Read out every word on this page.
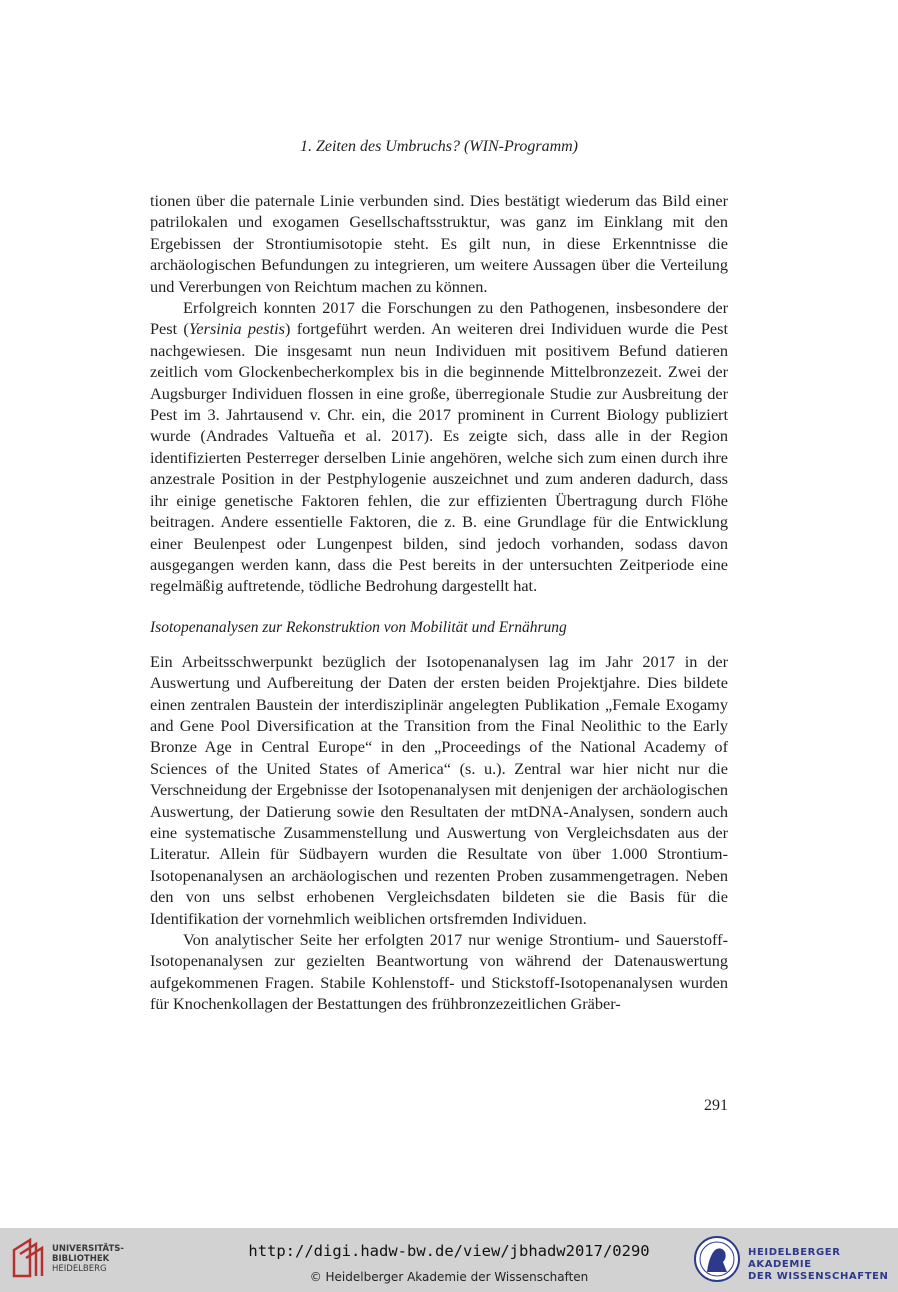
1. Zeiten des Umbruchs? (WIN-Programm)

tionen über die paternale Linie verbunden sind. Dies bestätigt wiederum das Bild einer patrilokalen und exogamen Gesellschaftsstruktur, was ganz im Einklang mit den Ergebissen der Strontiumisotopie steht. Es gilt nun, in diese Erkenntnisse die archäologischen Befundungen zu integrieren, um weitere Aussagen über die Verteilung und Vererbungen von Reichtum machen zu können.

Erfolgreich konnten 2017 die Forschungen zu den Pathogenen, insbesondere der Pest (Yersinia pestis) fortgeführt werden. An weiteren drei Individuen wurde die Pest nachgewiesen. Die insgesamt nun neun Individuen mit positivem Befund datieren zeitlich vom Glockenbecherkomplex bis in die beginnende Mittelbronzezeit. Zwei der Augsburger Individuen flossen in eine große, überregionale Studie zur Ausbreitung der Pest im 3. Jahrtausend v. Chr. ein, die 2017 prominent in Current Biology publiziert wurde (Andrades Valtueña et al. 2017). Es zeigte sich, dass alle in der Region identifizierten Pesterreger derselben Linie angehören, welche sich zum einen durch ihre anzestrale Position in der Pestphylogenie auszeichnet und zum anderen dadurch, dass ihr einige genetische Faktoren fehlen, die zur effizienten Übertragung durch Flöhe beitragen. Andere essentielle Faktoren, die z. B. eine Grundlage für die Entwicklung einer Beulenpest oder Lungenpest bilden, sind jedoch vorhanden, sodass davon ausgegangen werden kann, dass die Pest bereits in der untersuchten Zeitperiode eine regelmäßig auftretende, tödliche Bedrohung dargestellt hat.

Isotopenanalysen zur Rekonstruktion von Mobilität und Ernährung

Ein Arbeitsschwerpunkt bezüglich der Isotopenanalysen lag im Jahr 2017 in der Auswertung und Aufbereitung der Daten der ersten beiden Projektjahre. Dies bildete einen zentralen Baustein der interdisziplinär angelegten Publikation „Female Exogamy and Gene Pool Diversification at the Transition from the Final Neolithic to the Early Bronze Age in Central Europe“ in den „Proceedings of the National Academy of Sciences of the United States of America“ (s. u.). Zentral war hier nicht nur die Verschneidung der Ergebnisse der Isotopenanalysen mit denjenigen der archäologischen Auswertung, der Datierung sowie den Resultaten der mtDNA-Analysen, sondern auch eine systematische Zusammenstellung und Auswertung von Vergleichsdaten aus der Literatur. Allein für Südbayern wurden die Resultate von über 1.000 Strontium-Isotopenanalysen an archäologischen und rezenten Proben zusammengetragen. Neben den von uns selbst erhobenen Vergleichsdaten bildeten sie die Basis für die Identifikation der vornehmlich weiblichen ortsfremden Individuen.

Von analytischer Seite her erfolgten 2017 nur wenige Strontium- und Sauerstoff-Isotopenanalysen zur gezielten Beantwortung von während der Datenauswertung aufgekommenen Fragen. Stabile Kohlenstoff- und Stickstoff-Isotopenanalysen wurden für Knochenkollagen der Bestattungen des frühbronzezeitlichen Gräber-

291
UNIVERSITÄTS-
BIBLIOTHEK
HEIDELBERG
http://digi.hadw-bw.de/view/jbhadw2017/0290
© Heidelberger Akademie der Wissenschaften
HEIDELBERGER AKADEMIE
DER WISSENSCHAFTEN
